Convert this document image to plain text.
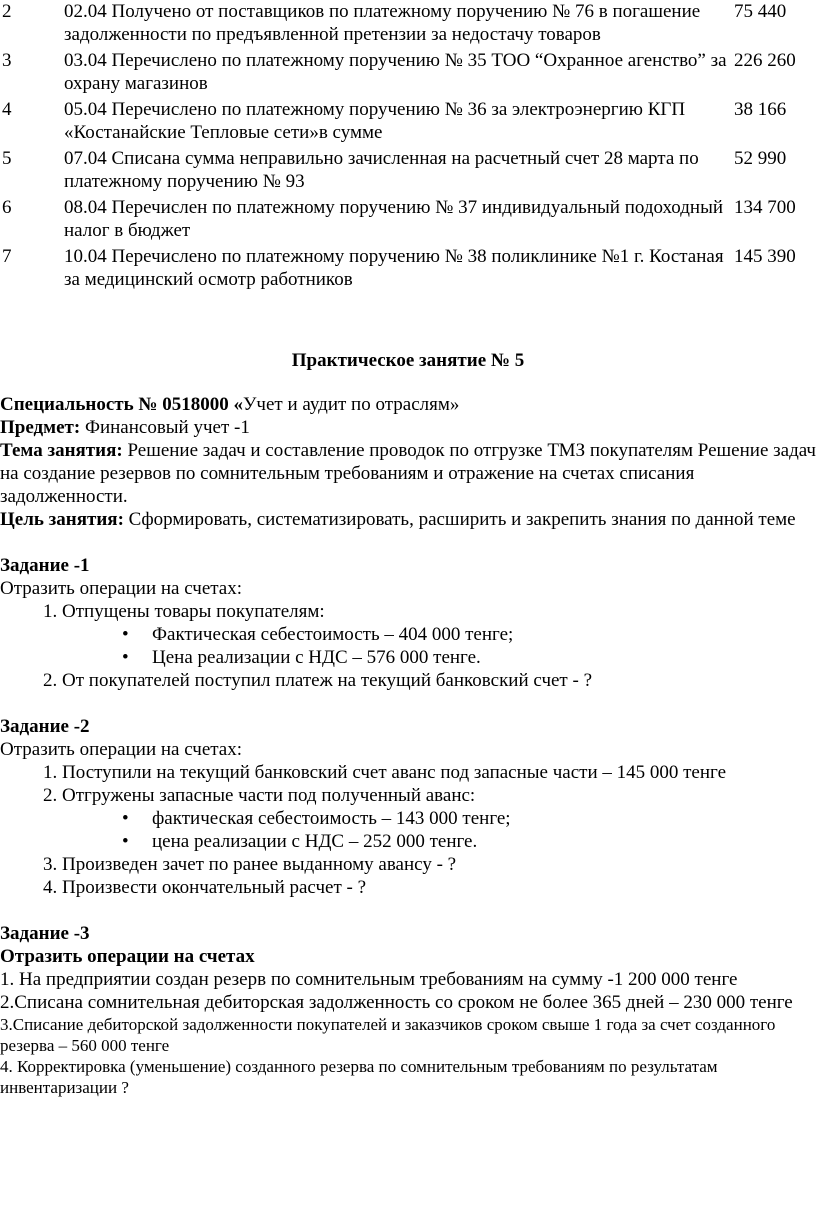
2	02.04 Получено от поставщиков по платежному поручению № 76 в погашение задолженности по предъявленной претензии за недостачу товаров	75 440
3	03.04 Перечислено по платежному поручению № 35 ТОО “Охранное агенство” за охрану магазинов	226 260
4	05.04 Перечислено по платежному поручению № 36 за электроэнергию КГП «Костанайские Тепловые сети»в сумме	38 166
5	07.04 Списана сумма неправильно зачисленная на расчетный счет 28 марта по платежному поручению № 93	52 990
6	08.04 Перечислен по платежному поручению № 37 индивидуальный подоходный налог в бюджет	134 700
7	10.04 Перечислено по платежному поручению № 38 поликлинике №1 г. Костаная за медицинский осмотр работников	145 390
Практическое занятие № 5

Специальность № 0518000 «Учет и аудит по отраслям»

Предмет: Финансовый учет -1

Тема занятия: Решение задач и составление проводок по отгрузке ТМЗ покупателям Решение задач на создание резервов по сомнительным требованиям и отражение на счетах списания задолженности.

Цель занятия: Сформировать, систематизировать, расширить и закрепить знания по данной теме

Задание -1

Отразить операции на счетах:

1. Отпущены товары покупателям:
• Фактическая себестоимость – 404 000 тенге;
• Цена реализации с НДС – 576 000 тенге.
2. От покупателей поступил платеж на текущий банковский счет - ?

Задание -2

Отразить операции на счетах:

1. Поступили на текущий банковский счет аванс под запасные части – 145 000 тенге
2. Отгружены запасные части под полученный аванс:
• фактическая себестоимость – 143 000 тенге;
• цена реализации с НДС – 252 000 тенге.
3. Произведен зачет по ранее выданному авансу - ?
4. Произвести окончательный расчет - ?

Задание -3

Отразить операции на счетах

1. На предприятии создан резерв по сомнительным требованиям на сумму -1 200 000 тенге

2.Списана сомнительная дебиторская задолженность со сроком не более 365 дней – 230 000 тенге

3.Списание дебиторской задолженности покупателей и заказчиков сроком свыше 1 года за счет созданного резерва – 560 000 тенге

4. Корректировка (уменьшение) созданного резерва по сомнительным требованиям по результатам инвентаризации ?
